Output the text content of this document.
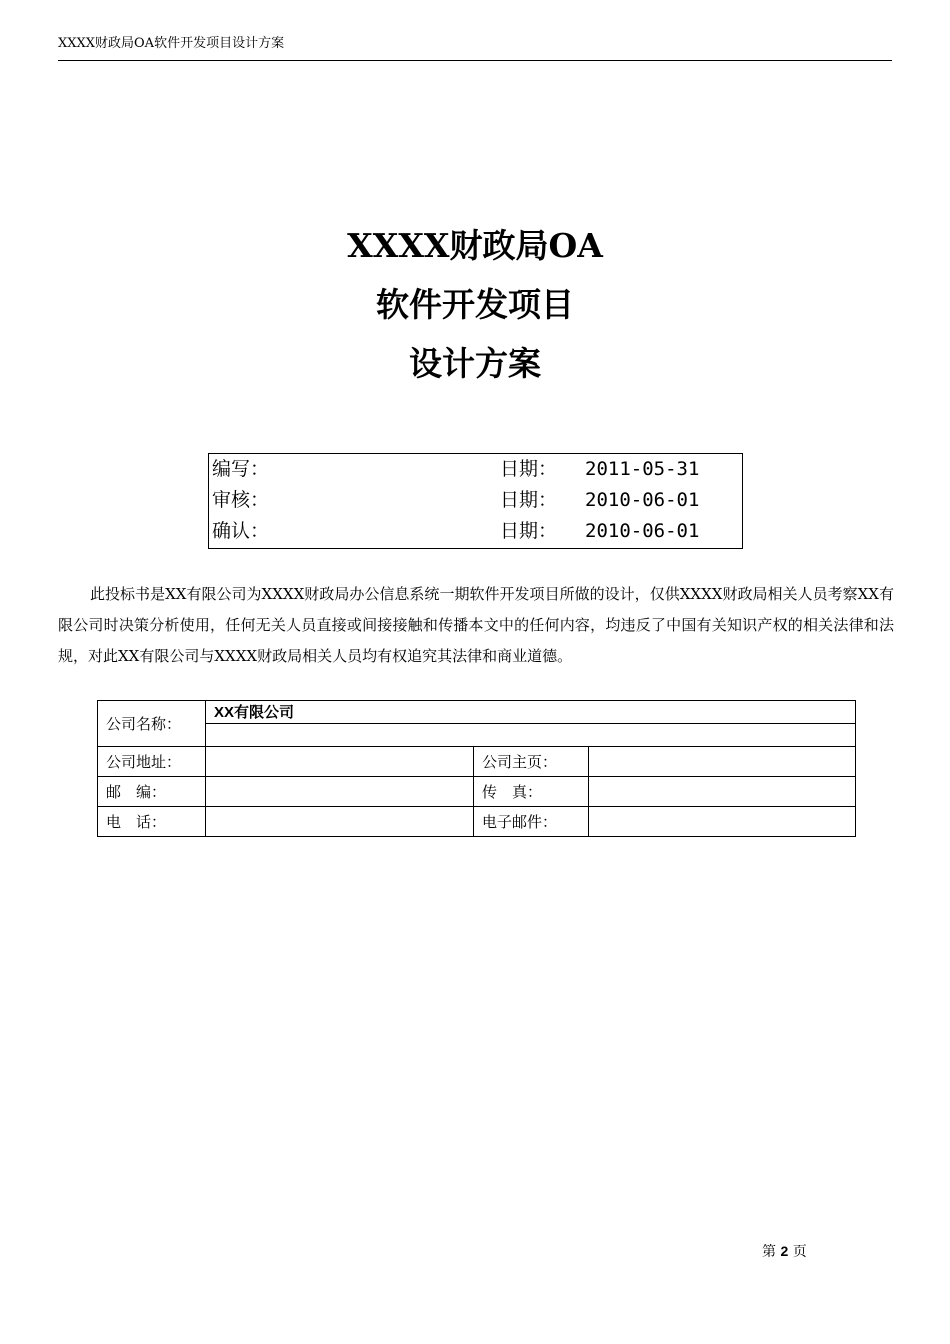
XXXX财政局OA软件开发项目设计方案
XXXX财政局OA
软件开发项目
设计方案
编写：	日期： 2011-05-31
审核：	日期： 2010-06-01
确认：	日期： 2010-06-01

此投标书是XX有限公司为XXXX财政局办公信息系统一期软件开发项目所做的设计，仅供XXXX财政局相关人员考察XX有限公司时决策分析使用，任何无关人员直接或间接接触和传播本文中的任何内容，均违反了中国有关知识产权的相关法律和法规，对此XX有限公司与XXXX财政局相关人员均有权追究其法律和商业道德。

公司名称：	XX有限公司		

公司地址：		公司主页：	
邮　编：		传　真：	
电　话：		电子邮件：	
第 2 页
